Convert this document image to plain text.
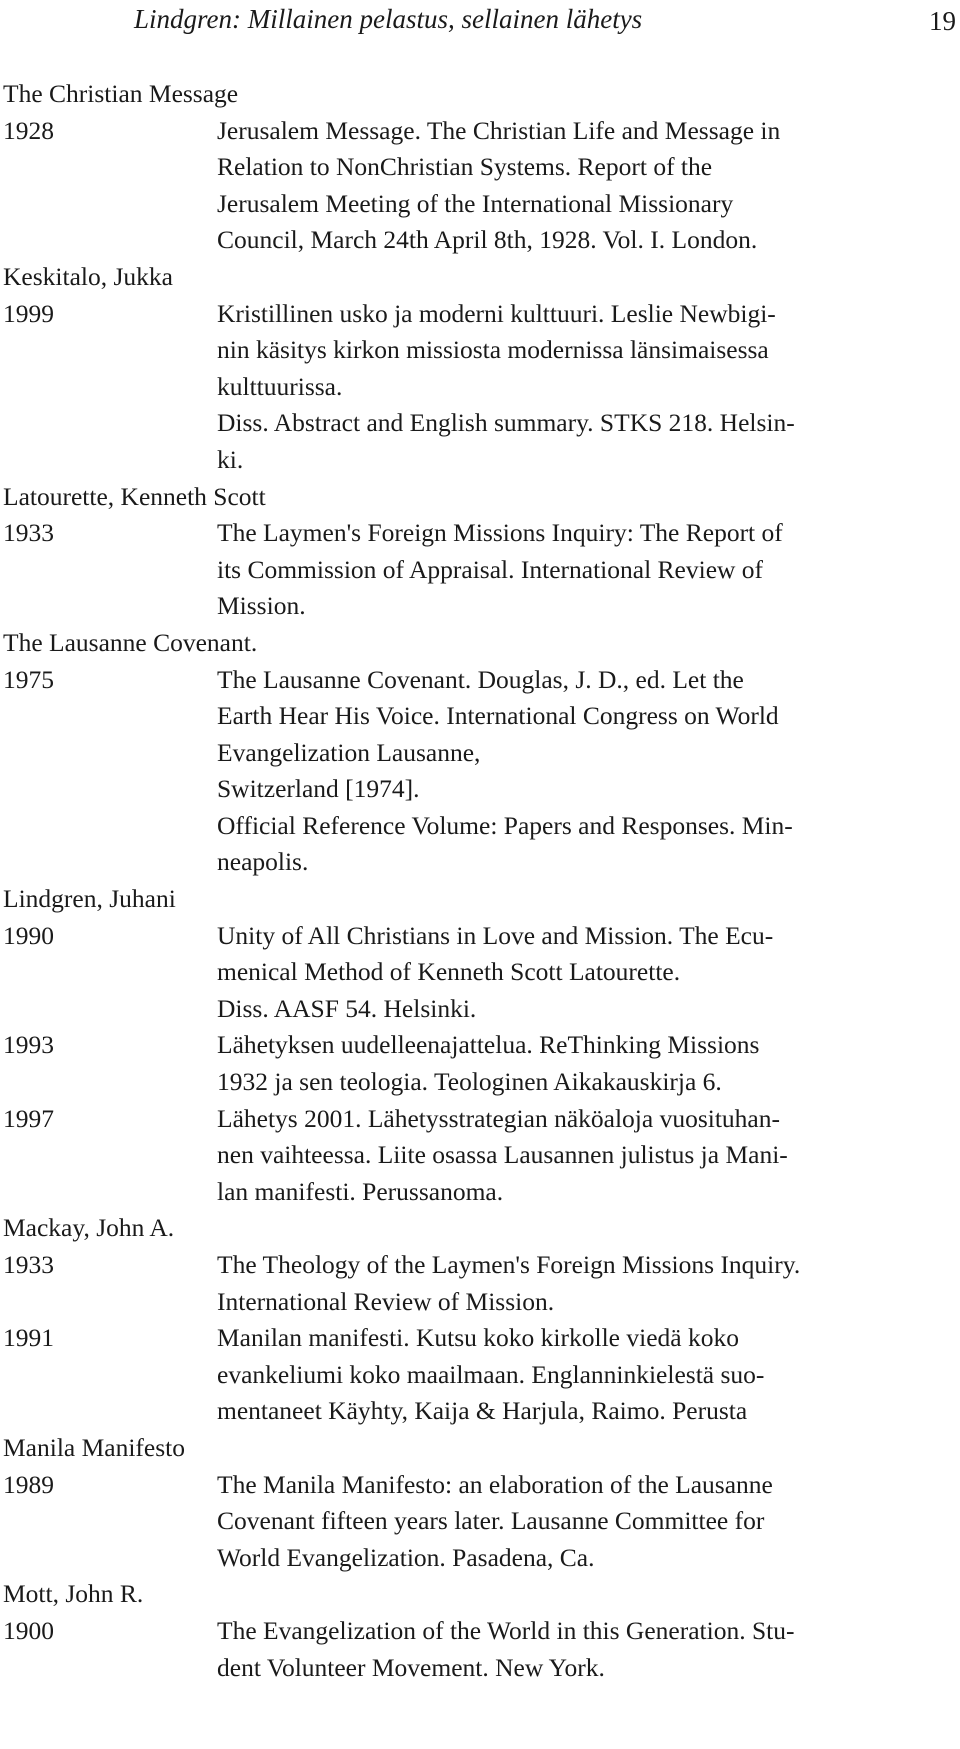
Lindgren: Millainen pelastus, sellainen lähetys	19
The Christian Message
1928	Jerusalem Message. The Christian Life and Message in
Relation to NonChristian Systems. Report of the
Jerusalem Meeting of the International Missionary
Council, March 24th April 8th, 1928. Vol. I. London.
Keskitalo, Jukka
1999	Kristillinen usko ja moderni kulttuuri. Leslie Newbigi-
nin käsitys kirkon missiosta modernissa länsimaisessa
kulttuurissa.
Diss. Abstract and English summary. STKS 218. Helsin-
ki.
Latourette, Kenneth Scott
1933	The Laymen's Foreign Missions Inquiry: The Report of
its Commission of Appraisal. International Review of
Mission.
The Lausanne Covenant.
1975	The Lausanne Covenant. Douglas, J. D., ed. Let the
Earth Hear His Voice. International Congress on World
Evangelization Lausanne,
Switzerland [1974].
Official Reference Volume: Papers and Responses. Min-
neapolis.
Lindgren, Juhani
1990	Unity of All Christians in Love and Mission. The Ecu-
menical Method of Kenneth Scott Latourette.
Diss. AASF 54. Helsinki.
1993	Lähetyksen uudelleenajattelua. ReThinking Missions
1932 ja sen teologia. Teologinen Aikakauskirja 6.
1997	Lähetys 2001. Lähetysstrategian näköaloja vuosituhan-
nen vaihteessa. Liite osassa Lausannen julistus ja Mani-
lan manifesti. Perussanoma.
Mackay, John A.
1933	The Theology of the Laymen's Foreign Missions Inquiry.
International Review of Mission.
1991	Manilan manifesti. Kutsu koko kirkolle viedä koko
evankeliumi koko maailmaan. Englanninkielestä suo-
mentaneet Käyhty, Kaija & Harjula, Raimo. Perusta
Manila Manifesto
1989	The Manila Manifesto: an elaboration of the Lausanne
Covenant fifteen years later. Lausanne Committee for
World Evangelization. Pasadena, Ca.
Mott, John R.
1900	The Evangelization of the World in this Generation. Stu-
dent Volunteer Movement. New York.
